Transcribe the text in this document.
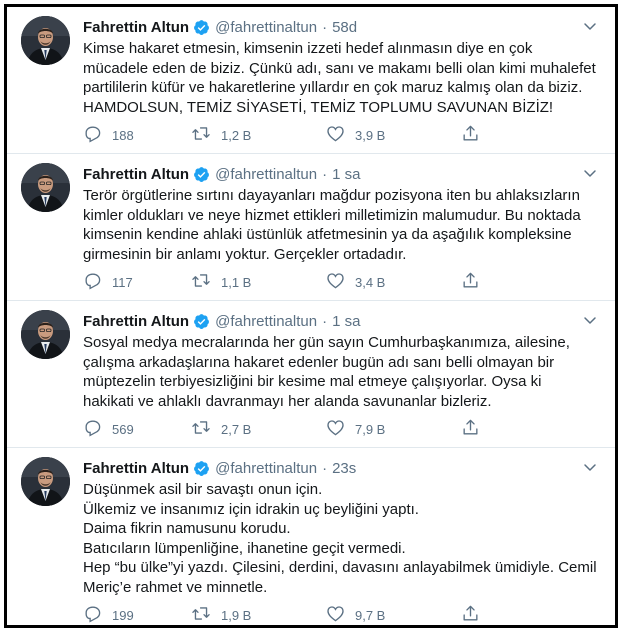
Fahrettin Altun @fahrettinaltun · 58d
Kimse hakaret etmesin, kimsenin izzeti hedef alınmasın diye en çok
mücadele eden de biziz. Çünkü adı, sanı ve makamı belli olan kimi muhalefet
partililerin küfür ve hakaretlerine yıllardır en çok maruz kalmış olan da biziz.
HAMDOLSUN, TEMİZ SİYASETİ, TEMİZ TOPLUMU SAVUNAN BİZİZ!
188	1,2 B	3,9 B
Fahrettin Altun @fahrettinaltun · 1 sa
Terör örgütlerine sırtını dayayanları mağdur pozisyona iten bu ahlaksızların
kimler oldukları ve neye hizmet ettikleri milletimizin malumudur. Bu noktada
kimsenin kendine ahlaki üstünlük atfetmesinin ya da aşağılık kompleksine
girmesinin bir anlamı yoktur. Gerçekler ortadadır.
117	1,1 B	3,4 B
Fahrettin Altun @fahrettinaltun · 1 sa
Sosyal medya mecralarında her gün sayın Cumhurbaşkanımıza, ailesine,
çalışma arkadaşlarına hakaret edenler bugün adı sanı belli olmayan bir
müptezelin terbiyesizliğini bir kesime mal etmeye çalışıyorlar. Oysa ki
hakikati ve ahlaklı davranmayı her alanda savunanlar bizleriz.
569	2,7 B	7,9 B
Fahrettin Altun @fahrettinaltun · 23s
Düşünmek asil bir savaştı onun için.
Ülkemiz ve insanımız için idrakin uç beyliğini yaptı.
Daima fikrin namusunu korudu.
Batıcıların lümpenliğine, ihanetine geçit vermedi.
Hep “bu ülke”yi yazdı. Çilesini, derdini, davasını anlayabilmek ümidiyle. Cemil
Meriç’e rahmet ve minnetle.
199	1,9 B	9,7 B
